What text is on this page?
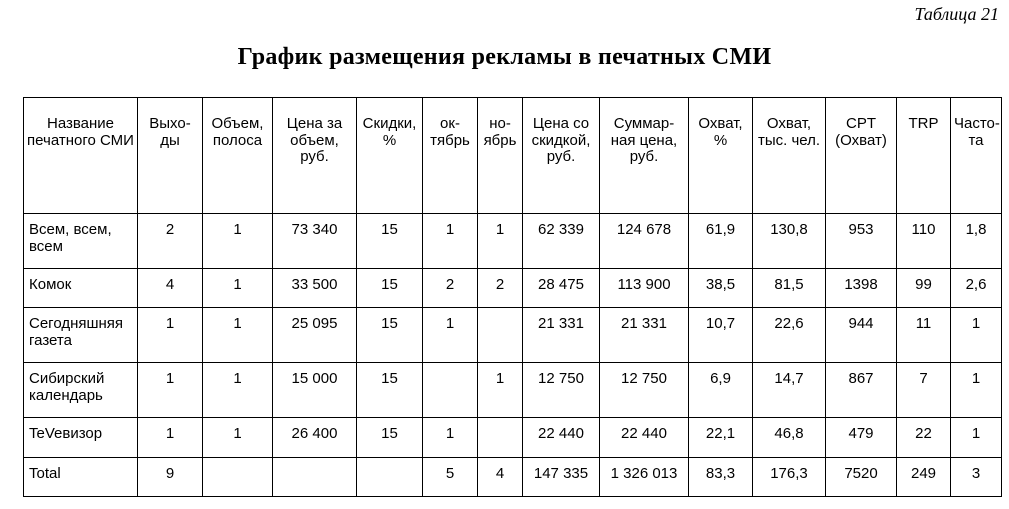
Таблица 21
График размещения рекламы в печатных СМИ
Название печатного СМИ	Выхо-ды	Объем, полоса	Цена за объем, руб.	Скидки, %	ок-тябрь	но-ябрь	Цена со скидкой, руб.	Суммар-ная цена, руб.	Охват, %	Охват, тыс. чел.	CPT (Охват)	TRP	Часто-та
Всем, всем, всем	2	1	73 340	15	1	1	62 339	124 678	61,9	130,8	953	110	1,8
Комок	4	1	33 500	15	2	2	28 475	113 900	38,5	81,5	1398	99	2,6
Сегодняшняя газета	1	1	25 095	15	1		21 331	21 331	10,7	22,6	944	11	1
Сибирский календарь	1	1	15 000	15		1	12 750	12 750	6,9	14,7	867	7	1
TeVeвизор	1	1	26 400	15	1		22 440	22 440	22,1	46,8	479	22	1
Total	9				5	4	147 335	1 326 013	83,3	176,3	7520	249	3
